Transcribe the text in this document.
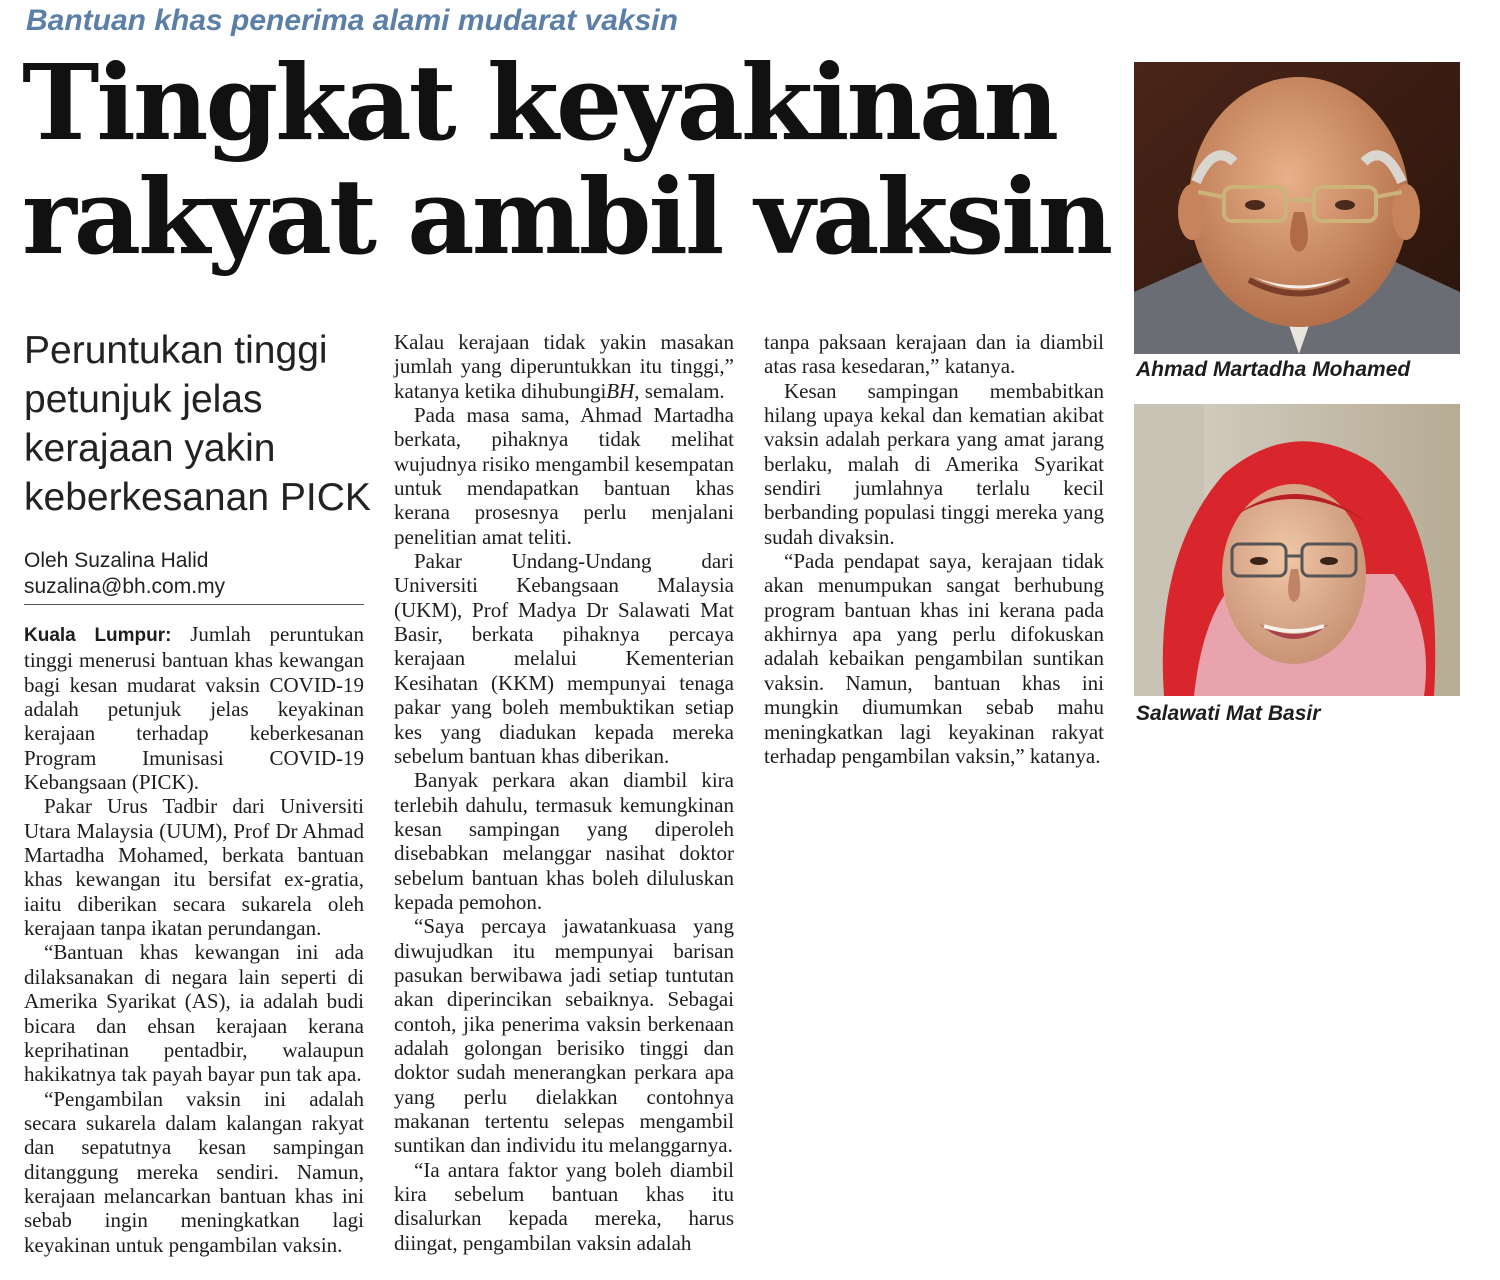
Bantuan khas penerima alami mudarat vaksin
Tingkat keyakinan
rakyat ambil vaksin
Peruntukan tinggi
petunjuk jelas
kerajaan yakin
keberkesanan PICK
Oleh Suzalina Halid
suzalina@bh.com.my

Kuala Lumpur: Jumlah peruntukan tinggi menerusi bantuan khas kewangan bagi kesan mudarat vaksin COVID-19 adalah petunjuk jelas keyakinan kerajaan terhadap keberkesanan Program Imunisasi COVID-19 Kebangsaan (PICK).

Pakar Urus Tadbir dari Universiti Utara Malaysia (UUM), Prof Dr Ahmad Martadha Mohamed, berkata bantuan khas kewangan itu bersifat ex-gratia, iaitu diberikan secara sukarela oleh kerajaan tanpa ikatan perundangan.

“Bantuan khas kewangan ini ada dilaksanakan di negara lain seperti di Amerika Syarikat (AS), ia adalah budi bicara dan ehsan kerajaan kerana keprihatinan pentadbir, walaupun hakikatnya tak payah bayar pun tak apa.

“Pengambilan vaksin ini adalah secara sukarela dalam kalangan rakyat dan sepatutnya kesan sampingan ditanggung mereka sendiri. Namun, kerajaan melancarkan bantuan khas ini sebab ingin meningkatkan lagi keyakinan untuk pengambilan vaksin.

Kalau kerajaan tidak yakin masakan jumlah yang diperuntukkan itu tinggi,” katanya ketika dihubungiBH, semalam.

Pada masa sama, Ahmad Martadha berkata, pihaknya tidak melihat wujudnya risiko mengambil kesempatan untuk mendapatkan bantuan khas kerana prosesnya perlu menjalani penelitian amat teliti.

Pakar Undang-Undang dari Universiti Kebangsaan Malaysia (UKM), Prof Madya Dr Salawati Mat Basir, berkata pihaknya percaya kerajaan melalui Kementerian Kesihatan (KKM) mempunyai tenaga pakar yang boleh membuktikan setiap kes yang diadukan kepada mereka sebelum bantuan khas diberikan.

Banyak perkara akan diambil kira terlebih dahulu, termasuk kemungkinan kesan sampingan yang diperoleh disebabkan melanggar nasihat doktor sebelum bantuan khas boleh diluluskan kepada pemohon.

“Saya percaya jawatankuasa yang diwujudkan itu mempunyai barisan pasukan berwibawa jadi setiap tuntutan akan diperincikan sebaiknya. Sebagai contoh, jika penerima vaksin berkenaan adalah golongan berisiko tinggi dan doktor sudah menerangkan perkara apa yang perlu dielakkan contohnya makanan tertentu selepas mengambil suntikan dan individu itu melanggarnya.

“Ia antara faktor yang boleh diambil kira sebelum bantuan khas itu disalurkan kepada mereka, harus diingat, pengambilan vaksin adalah

tanpa paksaan kerajaan dan ia diambil atas rasa kesedaran,” katanya.

Kesan sampingan membabitkan hilang upaya kekal dan kematian akibat vaksin adalah perkara yang amat jarang berlaku, malah di Amerika Syarikat sendiri jumlahnya terlalu kecil berbanding populasi tinggi mereka yang sudah divaksin.

“Pada pendapat saya, kerajaan tidak akan menumpukan sangat berhubung program bantuan khas ini kerana pada akhirnya apa yang perlu difokuskan adalah kebaikan pengambilan suntikan vaksin. Namun, bantuan khas ini mungkin diumumkan sebab mahu meningkatkan lagi keyakinan rakyat terhadap pengambilan vaksin,” katanya.

Ahmad Martadha Mohamed
Salawati Mat Basir
